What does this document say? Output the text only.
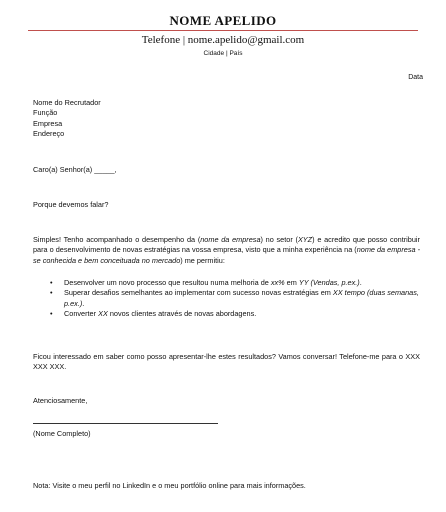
NOME APELIDO
Telefone | nome.apelido@gmail.com
Cidade | País
Data
Nome do Recrutador
Função
Empresa
Endereço
Caro(a) Senhor(a) _____,
Porque devemos falar?
Simples! Tenho acompanhado o desempenho da (nome da empresa) no setor (XYZ) e acredito que posso contribuir para o desenvolvimento de novas estratégias na vossa empresa, visto que a minha experiência na (nome da empresa - se conhecida e bem conceituada no mercado) me permitiu:
• Desenvolver um novo processo que resultou numa melhoria de xx% em YY (Vendas, p.ex.).
• Superar desafios semelhantes ao implementar com sucesso novas estratégias em XX tempo (duas semanas, p.ex.).
• Converter XX novos clientes através de novas abordagens.
Ficou interessado em saber como posso apresentar-lhe estes resultados? Vamos conversar! Telefone-me para o XXX XXX XXX.
Atenciosamente,
(Nome Completo)
Nota: Visite o meu perfil no LinkedIn e o meu portfólio online para mais informações.
